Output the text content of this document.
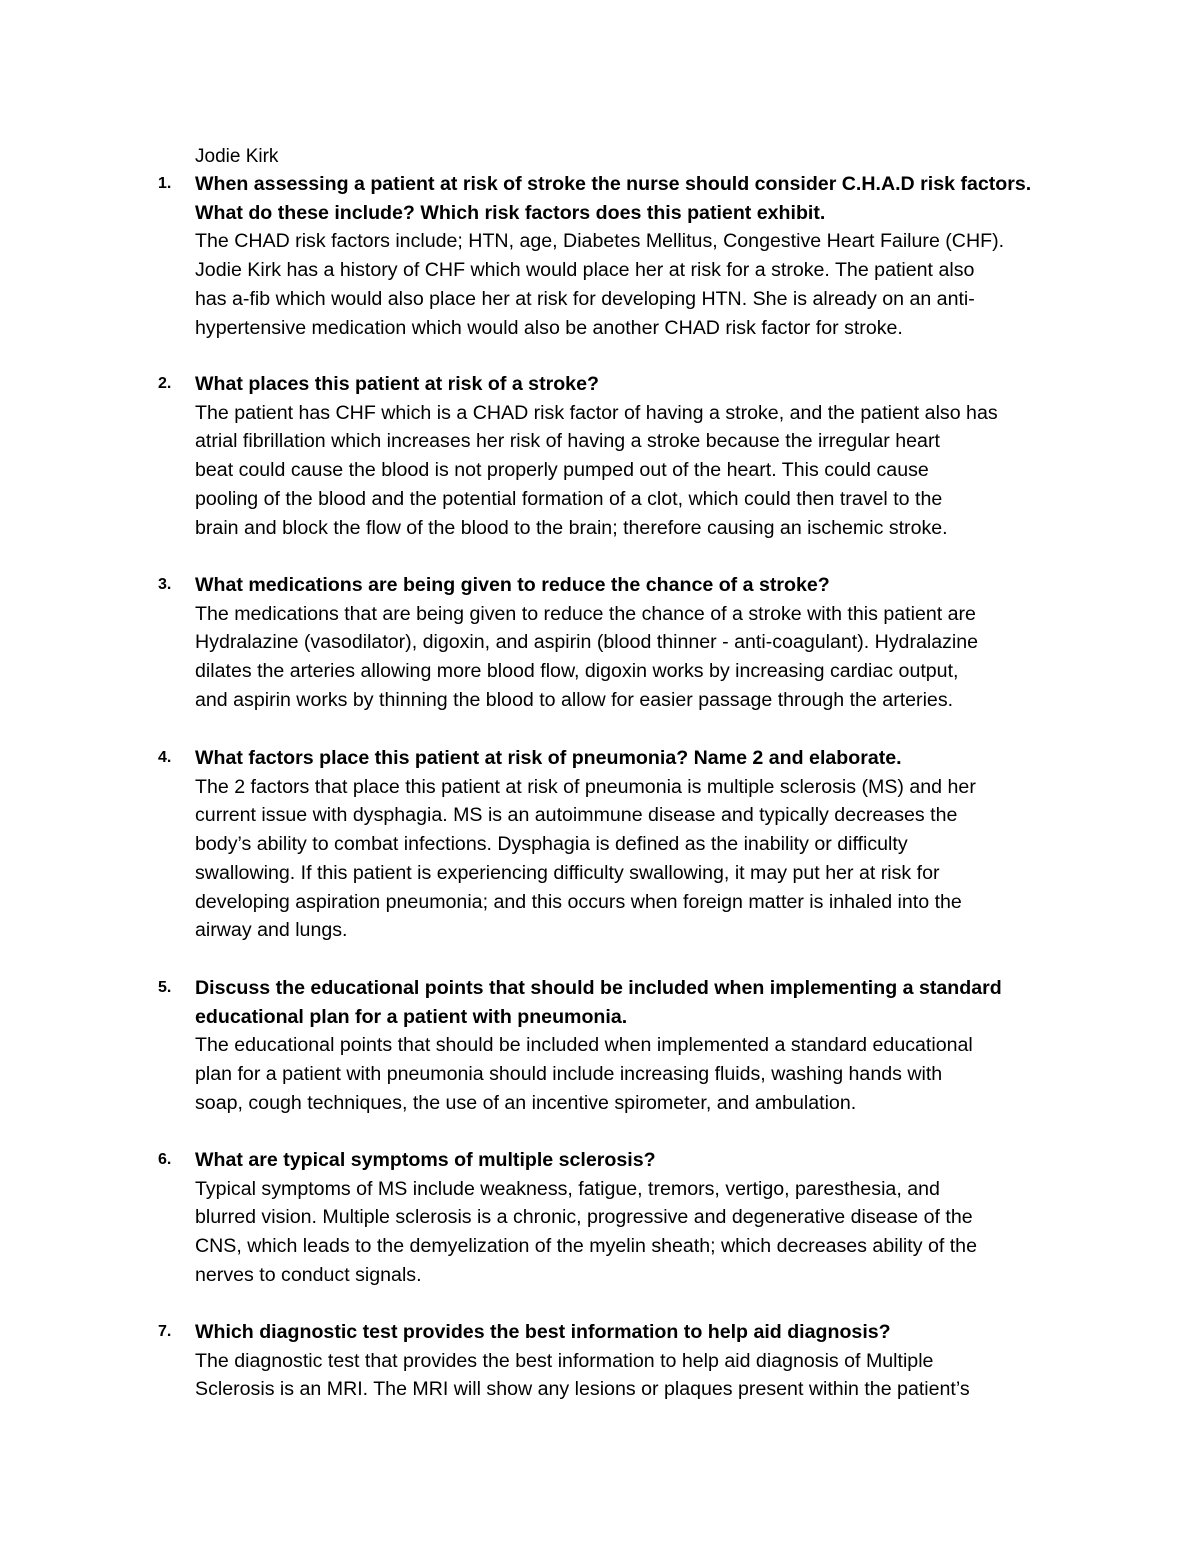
Jodie Kirk
1. When assessing a patient at risk of stroke the nurse should consider C.H.A.D risk factors.
What do these include? Which risk factors does this patient exhibit.
The CHAD risk factors include; HTN, age, Diabetes Mellitus, Congestive Heart Failure (CHF).
Jodie Kirk has a history of CHF which would place her at risk for a stroke. The patient also
has a-fib which would also place her at risk for developing HTN. She is already on an anti-
hypertensive medication which would also be another CHAD risk factor for stroke.
2. What places this patient at risk of a stroke?
The patient has CHF which is a CHAD risk factor of having a stroke, and the patient also has
atrial fibrillation which increases her risk of having a stroke because the irregular heart
beat could cause the blood is not properly pumped out of the heart. This could cause
pooling of the blood and the potential formation of a clot, which could then travel to the
brain and block the flow of the blood to the brain; therefore causing an ischemic stroke.
3. What medications are being given to reduce the chance of a stroke?
The medications that are being given to reduce the chance of a stroke with this patient are
Hydralazine (vasodilator), digoxin, and aspirin (blood thinner - anti-coagulant). Hydralazine
dilates the arteries allowing more blood flow, digoxin works by increasing cardiac output,
and aspirin works by thinning the blood to allow for easier passage through the arteries.
4. What factors place this patient at risk of pneumonia? Name 2 and elaborate.
The 2 factors that place this patient at risk of pneumonia is multiple sclerosis (MS) and her
current issue with dysphagia. MS is an autoimmune disease and typically decreases the
body’s ability to combat infections. Dysphagia is defined as the inability or difficulty
swallowing. If this patient is experiencing difficulty swallowing, it may put her at risk for
developing aspiration pneumonia; and this occurs when foreign matter is inhaled into the
airway and lungs.
5. Discuss the educational points that should be included when implementing a standard
educational plan for a patient with pneumonia.
The educational points that should be included when implemented a standard educational
plan for a patient with pneumonia should include increasing fluids, washing hands with
soap, cough techniques, the use of an incentive spirometer, and ambulation.
6. What are typical symptoms of multiple sclerosis?
Typical symptoms of MS include weakness, fatigue, tremors, vertigo, paresthesia, and
blurred vision. Multiple sclerosis is a chronic, progressive and degenerative disease of the
CNS, which leads to the demyelization of the myelin sheath; which decreases ability of the
nerves to conduct signals.
7. Which diagnostic test provides the best information to help aid diagnosis?
The diagnostic test that provides the best information to help aid diagnosis of Multiple
Sclerosis is an MRI. The MRI will show any lesions or plaques present within the patient’s
